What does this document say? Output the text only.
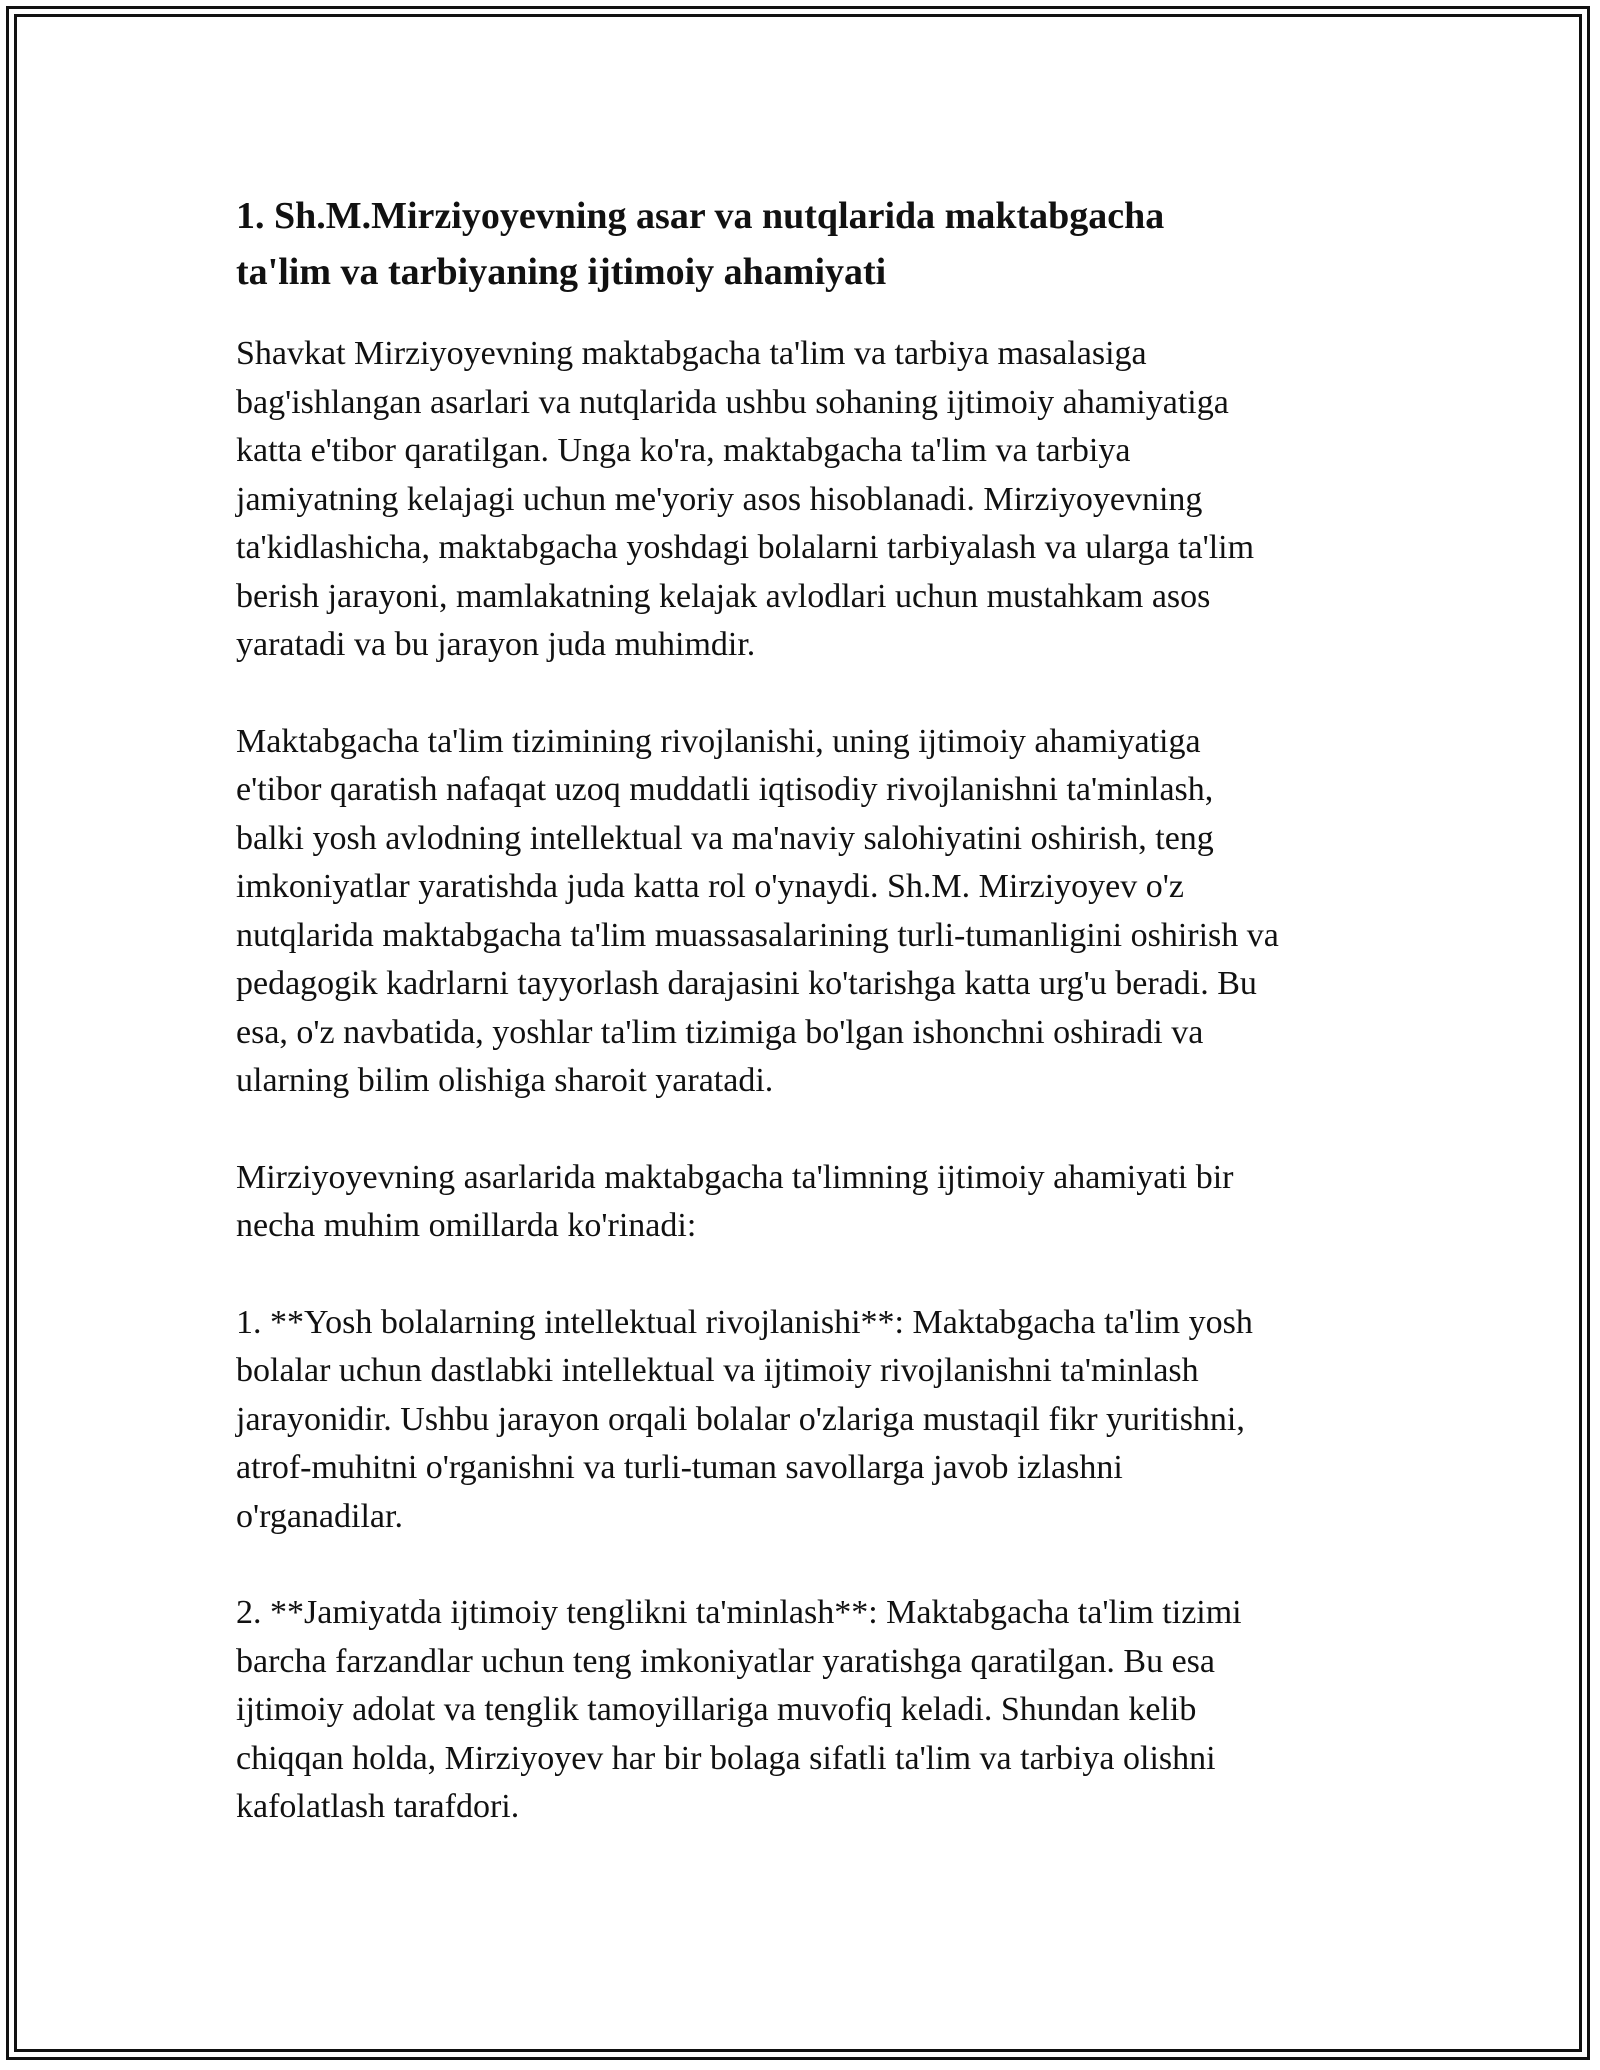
1. Sh.M.Mirziyoyevning asar va nutqlarida maktabgacha
ta'lim va tarbiyaning ijtimoiy ahamiyati

Shavkat Mirziyoyevning maktabgacha ta'lim va tarbiya masalasiga
bag'ishlangan asarlari va nutqlarida ushbu sohaning ijtimoiy ahamiyatiga
katta e'tibor qaratilgan. Unga ko'ra, maktabgacha ta'lim va tarbiya
jamiyatning kelajagi uchun me'yoriy asos hisoblanadi. Mirziyoyevning
ta'kidlashicha, maktabgacha yoshdagi bolalarni tarbiyalash va ularga ta'lim
berish jarayoni, mamlakatning kelajak avlodlari uchun mustahkam asos
yaratadi va bu jarayon juda muhimdir.

Maktabgacha ta'lim tizimining rivojlanishi, uning ijtimoiy ahamiyatiga
e'tibor qaratish nafaqat uzoq muddatli iqtisodiy rivojlanishni ta'minlash,
balki yosh avlodning intellektual va ma'naviy salohiyatini oshirish, teng
imkoniyatlar yaratishda juda katta rol o'ynaydi. Sh.M. Mirziyoyev o'z
nutqlarida maktabgacha ta'lim muassasalarining turli-tumanligini oshirish va
pedagogik kadrlarni tayyorlash darajasini ko'tarishga katta urg'u beradi. Bu
esa, o'z navbatida, yoshlar ta'lim tizimiga bo'lgan ishonchni oshiradi va
ularning bilim olishiga sharoit yaratadi.

Mirziyoyevning asarlarida maktabgacha ta'limning ijtimoiy ahamiyati bir
necha muhim omillarda ko'rinadi:

1. **Yosh bolalarning intellektual rivojlanishi**: Maktabgacha ta'lim yosh
bolalar uchun dastlabki intellektual va ijtimoiy rivojlanishni ta'minlash
jarayonidir. Ushbu jarayon orqali bolalar o'zlariga mustaqil fikr yuritishni,
atrof-muhitni o'rganishni va turli-tuman savollarga javob izlashni
o'rganadilar.

2. **Jamiyatda ijtimoiy tenglikni ta'minlash**: Maktabgacha ta'lim tizimi
barcha farzandlar uchun teng imkoniyatlar yaratishga qaratilgan. Bu esa
ijtimoiy adolat va tenglik tamoyillariga muvofiq keladi. Shundan kelib
chiqqan holda, Mirziyoyev har bir bolaga sifatli ta'lim va tarbiya olishni
kafolatlash tarafdori.
